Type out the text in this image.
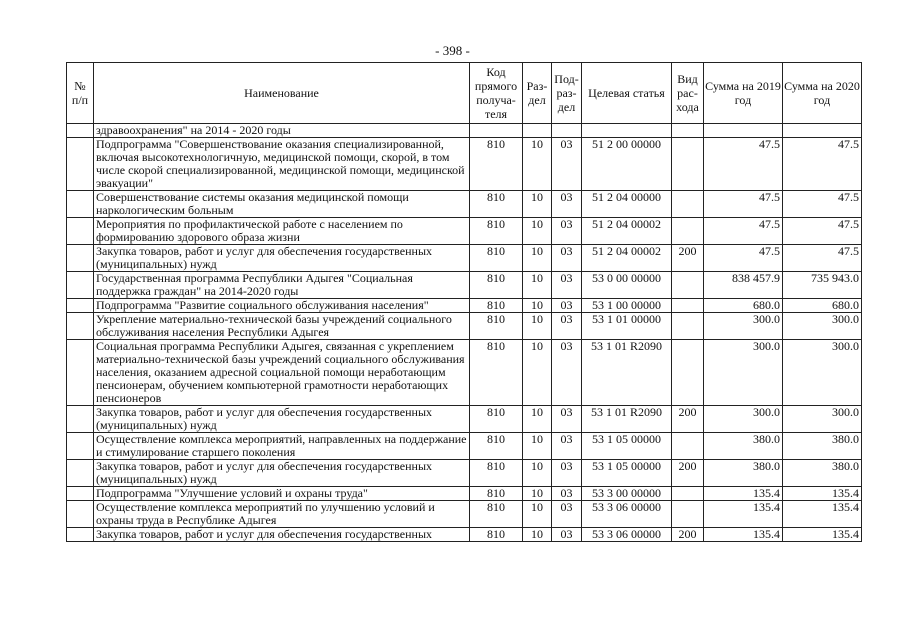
- 398 -
№ п/п	Наименование	Код прямого получа-теля	Раз-дел	Под-раз-дел	Целевая статья	Вид рас-хода	Сумма на 2019 год	Сумма на 2020 год
	здравоохранения" на 2014 - 2020 годы							
	Подпрограмма "Совершенствование оказания специализированной, включая высокотехнологичную, медицинской помощи, скорой, в том числе скорой специализированной, медицинской помощи, медицинской эвакуации"	810	10	03	51 2 00 00000		47.5	47.5
	Совершенствование системы оказания медицинской помощи наркологическим больным	810	10	03	51 2 04 00000		47.5	47.5
	Мероприятия по профилактической работе с населением по формированию здорового образа жизни	810	10	03	51 2 04 00002		47.5	47.5
	Закупка товаров, работ и услуг для обеспечения государственных (муниципальных) нужд	810	10	03	51 2 04 00002	200	47.5	47.5
	Государственная программа Республики Адыгея "Социальная поддержка граждан" на 2014-2020 годы	810	10	03	53 0 00 00000		838 457.9	735 943.0
	Подпрограмма "Развитие социального обслуживания населения"	810	10	03	53 1 00 00000		680.0	680.0
	Укрепление материально-технической базы учреждений социального обслуживания населения Республики Адыгея	810	10	03	53 1 01 00000		300.0	300.0
	Социальная программа Республики Адыгея, связанная с укреплением материально-технической базы учреждений социального обслуживания населения, оказанием адресной социальной помощи неработающим пенсионерам, обучением компьютерной грамотности неработающих пенсионеров	810	10	03	53 1 01 R2090		300.0	300.0
	Закупка товаров, работ и услуг для обеспечения государственных (муниципальных) нужд	810	10	03	53 1 01 R2090	200	300.0	300.0
	Осуществление комплекса мероприятий, направленных на поддержание и стимулирование старшего поколения	810	10	03	53 1 05 00000		380.0	380.0
	Закупка товаров, работ и услуг для обеспечения государственных (муниципальных) нужд	810	10	03	53 1 05 00000	200	380.0	380.0
	Подпрограмма "Улучшение условий и охраны труда"	810	10	03	53 3 00 00000		135.4	135.4
	Осуществление комплекса мероприятий по улучшению условий и охраны труда в Республике Адыгея	810	10	03	53 3 06 00000		135.4	135.4
	Закупка товаров, работ и услуг для обеспечения государственных	810	10	03	53 3 06 00000	200	135.4	135.4
